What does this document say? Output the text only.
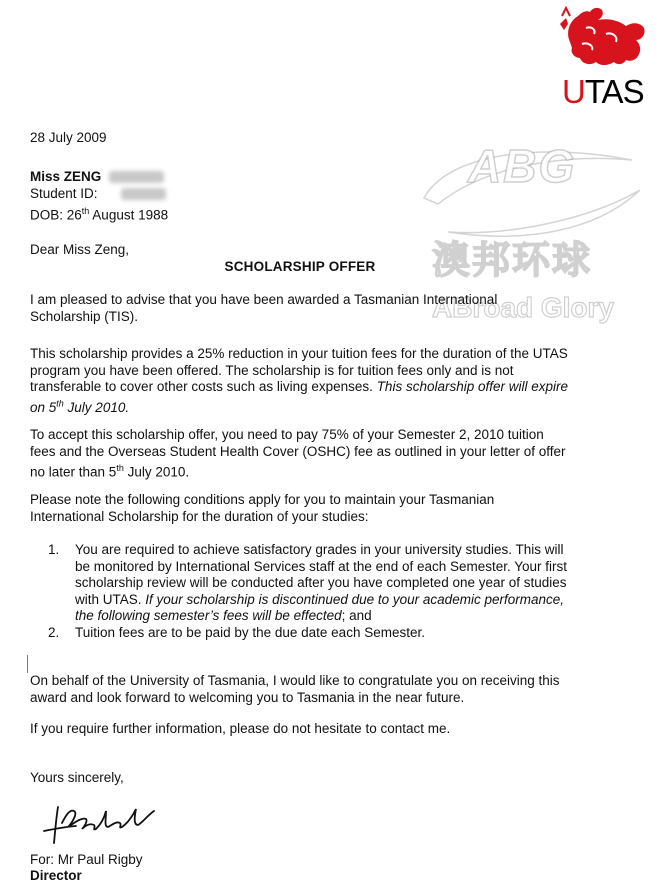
UTAS
ABG
澳邦环球
ABroad Glory
28 July 2009
Miss ZENG
Student ID:
DOB: 26th August 1988
Dear Miss Zeng,
SCHOLARSHIP OFFER
I am pleased to advise that you have been awarded a Tasmanian International Scholarship (TIS).
This scholarship provides a 25% reduction in your tuition fees for the duration of the UTAS program you have been offered. The scholarship is for tuition fees only and is not transferable to cover other costs such as living expenses. This scholarship offer will expire on 5th July 2010.
To accept this scholarship offer, you need to pay 75% of your Semester 2, 2010 tuition fees and the Overseas Student Health Cover (OSHC) fee as outlined in your letter of offer no later than 5th July 2010.
Please note the following conditions apply for you to maintain your Tasmanian International Scholarship for the duration of your studies:
1. You are required to achieve satisfactory grades in your university studies. This will be monitored by International Services staff at the end of each Semester. Your first scholarship review will be conducted after you have completed one year of studies with UTAS. If your scholarship is discontinued due to your academic performance, the following semester’s fees will be effected; and
2. Tuition fees are to be paid by the due date each Semester.
On behalf of the University of Tasmania, I would like to congratulate you on receiving this award and look forward to welcoming you to Tasmania in the near future.
If you require further information, please do not hesitate to contact me.
Yours sincerely,
For: Mr Paul Rigby
Director
